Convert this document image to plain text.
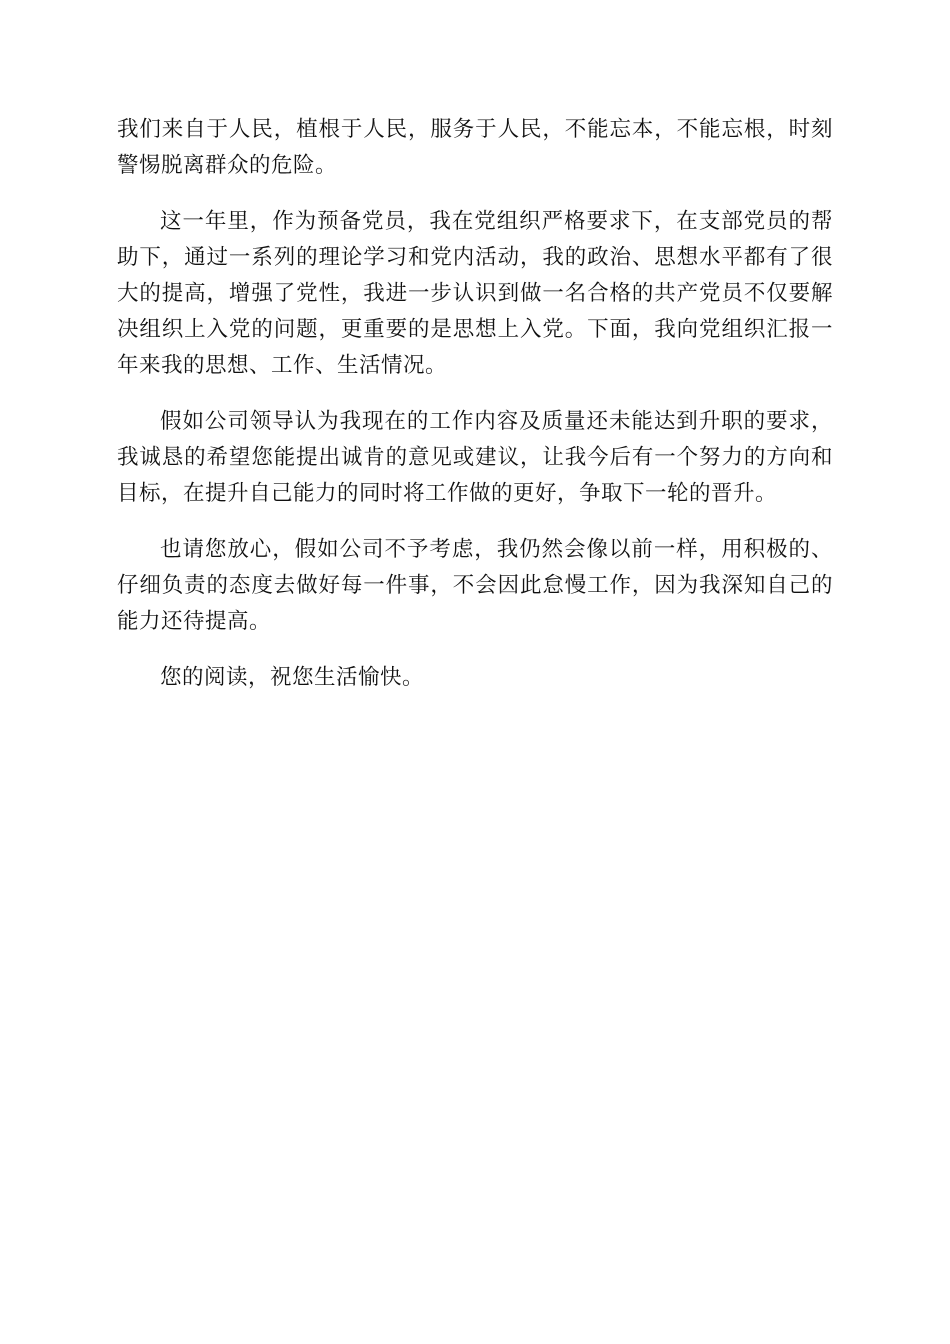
我们来自于人民，植根于人民，服务于人民，不能忘本，不能忘根，时刻警惕脱离群众的危险。

这一年里，作为预备党员，我在党组织严格要求下，在支部党员的帮助下，通过一系列的理论学习和党内活动，我的政治、思想水平都有了很大的提高，增强了党性，我进一步认识到做一名合格的共产党员不仅要解决组织上入党的问题，更重要的是思想上入党。下面，我向党组织汇报一年来我的思想、工作、生活情况。

假如公司领导认为我现在的工作内容及质量还未能达到升职的要求，我诚恳的希望您能提出诚肯的意见或建议，让我今后有一个努力的方向和目标，在提升自己能力的同时将工作做的更好，争取下一轮的晋升。

也请您放心，假如公司不予考虑，我仍然会像以前一样，用积极的、仔细负责的态度去做好每一件事，不会因此怠慢工作，因为我深知自己的能力还待提高。

您的阅读，祝您生活愉快。
